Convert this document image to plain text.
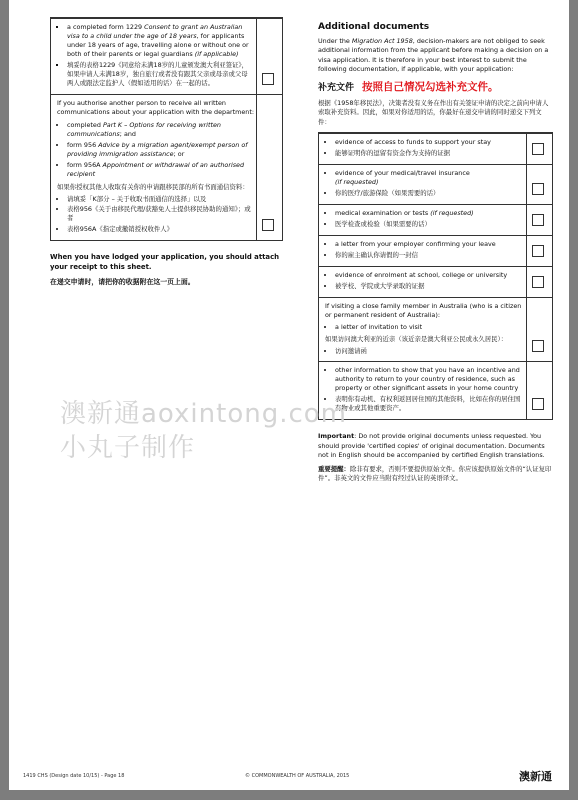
▪ a completed form 1229 Consent to grant an Australian visa to a child under the age of 18 years, for applicants under 18 years of age, travelling alone or without one or both of their parents or legal guardians (if applicable)
▪ 填妥的表格1229《同意给未满18岁的儿童颁发澳大利亚签证》，如果申请人未满18岁，独自旅行或者没有跟其父亲或母亲或父母两人或跟法定监护人（假如适用的话）在一起的话。
If you authorise another person to receive all written communications about your application with the department:
• completed Part K – Options for receiving written communications; and
• form 956 Advice by a migration agent/exempt person of providing immigration assistance; or
• form 956A Appointment or withdrawal of an authorised recipient
如果你授权其他人收取有关你的申请跟移民部的所有书面通信资料：
• 请填妥「K部分 – 关于收取书面通信的选择」以及
• 表格956《关于由移民代理/获豁免人士提供移民协助的通知》；或者
• 表格956A《指定或撤销授权收件人》
When you have lodged your application, you should attach your receipt to this sheet.
在递交申请时，请把你的收据附在这一页上面。
Additional documents
Under the Migration Act 1958, decision-makers are not obliged to seek additional information from the applicant before making a decision on a visa application. It is therefore in your best interest to submit the following documentation, if applicable, with your application:
补充文件 按照自己情况勾选补充文件。
根据《1958年移民法》，决策者没有义务在作出有关签证申请的决定之前向申请人索取补充资料。因此，如果对你适用的话，你最好在递交申请的同时递交下列文件：
• evidence of access to funds to support your stay
• 能够证明你的逗留有资金作为支持的证据
• evidence of your medical/travel insurance
(if requested)
• 你的医疗/旅游保险（如果需要的话）
• medical examination or tests (if requested)
• 医学检查或检验（如果需要的话）
• a letter from your employer confirming your leave
• 你的雇主确认你请假的一封信
• evidence of enrolment at school, college or university
• 被学校、学院或大学录取的证据
If visiting a close family member in Australia (who is a citizen or permanent resident of Australia):
• a letter of invitation to visit
如果访问澳大利亚的近亲（该近亲是澳大利亚公民或永久居民）：
• 访问邀请函
• other information to show that you have an incentive and authority to return to your country of residence, such as property or other significant assets in your home country
• 表明你有动机、有权利返回居住国的其他资料，比如在你的居住国有物业或其他重要资产。
Important: Do not provide original documents unless requested. You should provide 'certified copies' of original documentation. Documents not in English should be accompanied by certified English translations.
重要提醒：除非有要求，否则不要提供原始文件。你应该提供原始文件的“认证复印件”。非英文的文件应当附有经过认证的英语译文。
澳新通aoxintong.com
小丸子制作
1419 CHS (Design date 10/15) - Page 18	© COMMONWEALTH OF AUSTRALIA, 2015	澳新通
